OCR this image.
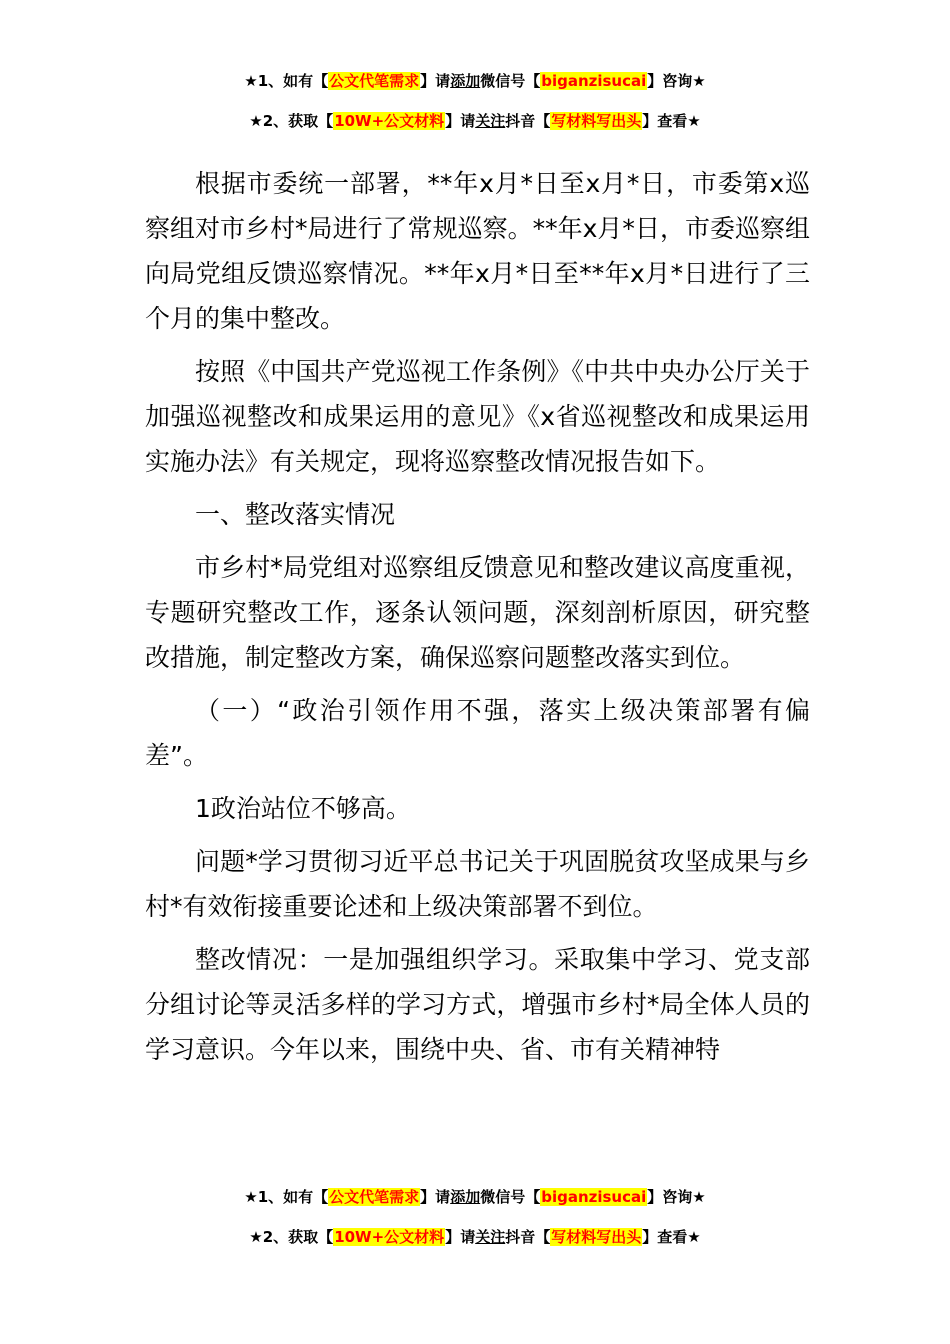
★1、如有【公文代笔需求】请添加微信号【biganzisucai】咨询★
★2、获取【10W+公文材料】请关注抖音【写材料写出头】查看★

根据市委统一部署，**年x月*日至x月*日，市委第x巡察组对市乡村*局进行了常规巡察。**年x月*日，市委巡察组向局党组反馈巡察情况。**年x月*日至**年x月*日进行了三个月的集中整改。

按照《中国共产党巡视工作条例》《中共中央办公厅关于加强巡视整改和成果运用的意见》《x省巡视整改和成果运用实施办法》有关规定，现将巡察整改情况报告如下。

一、整改落实情况

市乡村*局党组对巡察组反馈意见和整改建议高度重视，专题研究整改工作，逐条认领问题，深刻剖析原因，研究整改措施，制定整改方案，确保巡察问题整改落实到位。

（一）“政治引领作用不强，落实上级决策部署有偏差”。

1政治站位不够高。

问题*学习贯彻习近平总书记关于巩固脱贫攻坚成果与乡村*有效衔接重要论述和上级决策部署不到位。

整改情况：一是加强组织学习。采取集中学习、党支部分组讨论等灵活多样的学习方式，增强市乡村*局全体人员的学习意识。今年以来，围绕中央、省、市有关精神特

★1、如有【公文代笔需求】请添加微信号【biganzisucai】咨询★
★2、获取【10W+公文材料】请关注抖音【写材料写出头】查看★
